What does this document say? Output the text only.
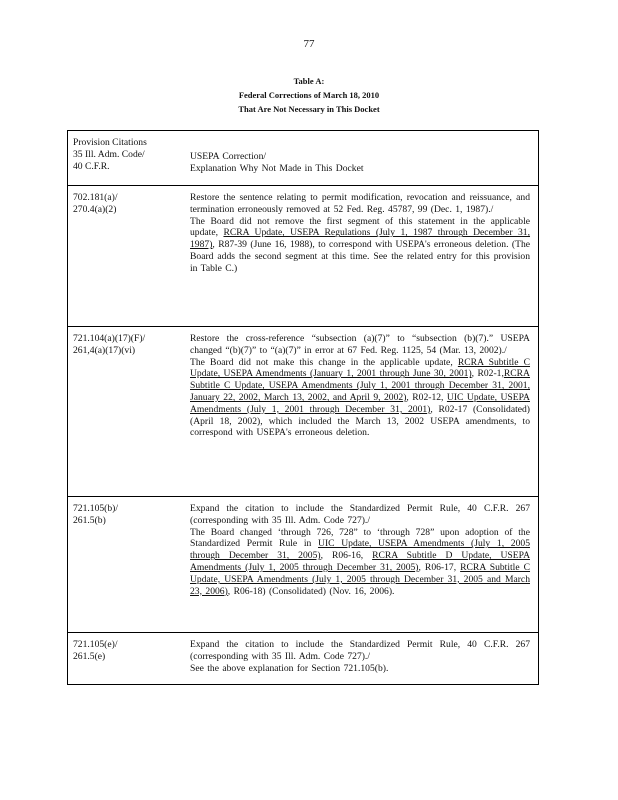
77
Table A:
Federal Corrections of March 18, 2010
That Are Not Necessary in This Docket
Provision Citations
35 Ill. Adm. Code/
40 C.F.R.
USEPA Correction/
Explanation Why Not Made in This Docket
702.181(a)/
270.4(a)(2)
Restore the sentence relating to permit modification, revocation and reissuance, and termination erroneously removed at 52 Fed. Reg. 45787, 99 (Dec. 1, 1987)./
The Board did not remove the first segment of this statement in the applicable update, RCRA Update, USEPA Regulations (July 1, 1987 through December 31, 1987), R87-39 (June 16, 1988), to correspond with USEPA's erroneous deletion. (The Board adds the second segment at this time. See the related entry for this provision in Table C.)
721.104(a)(17)(F)/
261,4(a)(17)(vi)
Restore the cross-reference “subsection (a)(7)” to “subsection (b)(7).” USEPA changed “(b)(7)” to “(a)(7)” in error at 67 Fed. Reg. 1125, 54 (Mar. 13, 2002)./
The Board did not make this change in the applicable update, RCRA Subtitle C Update, USEPA Amendments (January 1, 2001 through June 30, 2001), R02-1,RCRA Subtitle C Update, USEPA Amendments (July 1, 2001 through December 31, 2001, January 22, 2002, March 13, 2002, and April 9, 2002), R02-12, UIC Update, USEPA Amendments (July 1, 2001 through December 31, 2001), R02-17 (Consolidated) (April 18, 2002), which included the March 13, 2002 USEPA amendments, to correspond with USEPA's erroneous deletion.
721.105(b)/
261.5(b)
Expand the citation to include the Standardized Permit Rule, 40 C.F.R. 267 (corresponding with 35 Ill. Adm. Code 727)./
The Board changed ‘through 726, 728” to ‘through 728” upon adoption of the Standardized Permit Rule in UIC Update, USEPA Amendments (July 1, 2005 through December 31, 2005), R06-16, RCRA Subtitle D Update, USEPA Amendments (July 1, 2005 through December 31, 2005), R06-17, RCRA Subtitle C Update, USEPA Amendments (July 1, 2005 through December 31, 2005 and March 23, 2006), R06-18) (Consolidated) (Nov. 16, 2006).
721.105(e)/
261.5(e)
Expand the citation to include the Standardized Permit Rule, 40 C.F.R. 267 (corresponding with 35 Ill. Adm. Code 727)./
See the above explanation for Section 721.105(b).
